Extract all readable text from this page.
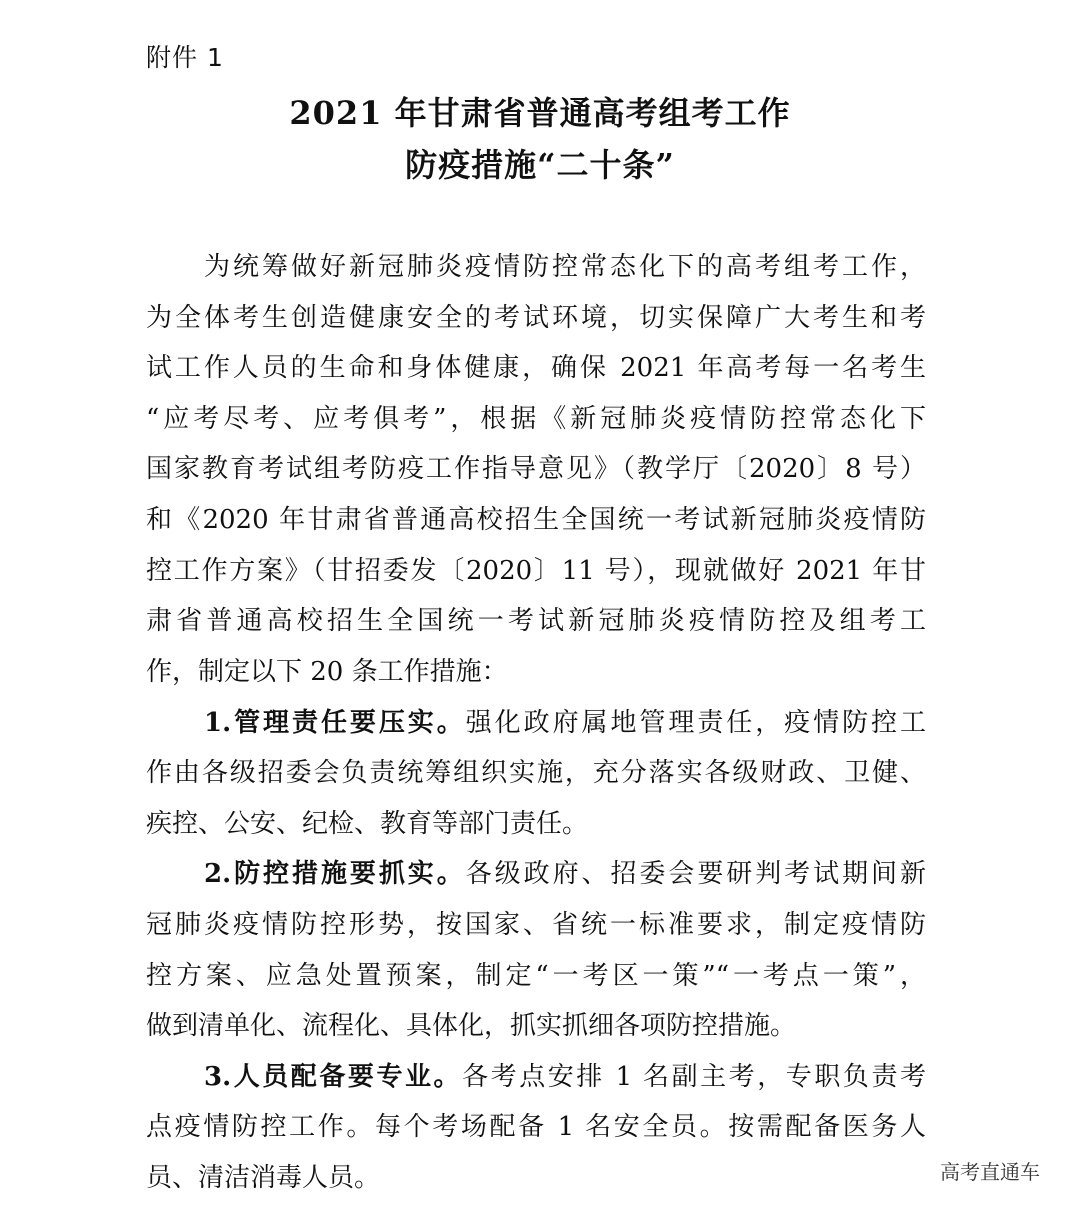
附件 1
2021 年甘肃省普通高考组考工作
防疫措施“二十条”
为统筹做好新冠肺炎疫情防控常态化下的高考组考工作，
为全体考生创造健康安全的考试环境，切实保障广大考生和考
试工作人员的生命和身体健康，确保 2021 年高考每一名考生
“应考尽考、应考俱考”，根据《新冠肺炎疫情防控常态化下
国家教育考试组考防疫工作指导意见》（教学厅〔2020〕8 号）
和《2020 年甘肃省普通高校招生全国统一考试新冠肺炎疫情防
控工作方案》（甘招委发〔2020〕11 号），现就做好 2021 年甘
肃省普通高校招生全国统一考试新冠肺炎疫情防控及组考工
作，制定以下 20 条工作措施：
1.管理责任要压实。强化政府属地管理责任，疫情防控工
作由各级招委会负责统筹组织实施，充分落实各级财政、卫健、
疾控、公安、纪检、教育等部门责任。
2.防控措施要抓实。各级政府、招委会要研判考试期间新
冠肺炎疫情防控形势，按国家、省统一标准要求，制定疫情防
控方案、应急处置预案，制定“一考区一策”“一考点一策”，
做到清单化、流程化、具体化，抓实抓细各项防控措施。
3.人员配备要专业。各考点安排 1 名副主考，专职负责考
点疫情防控工作。每个考场配备 1 名安全员。按需配备医务人
员、清洁消毒人员。	高考直通车
